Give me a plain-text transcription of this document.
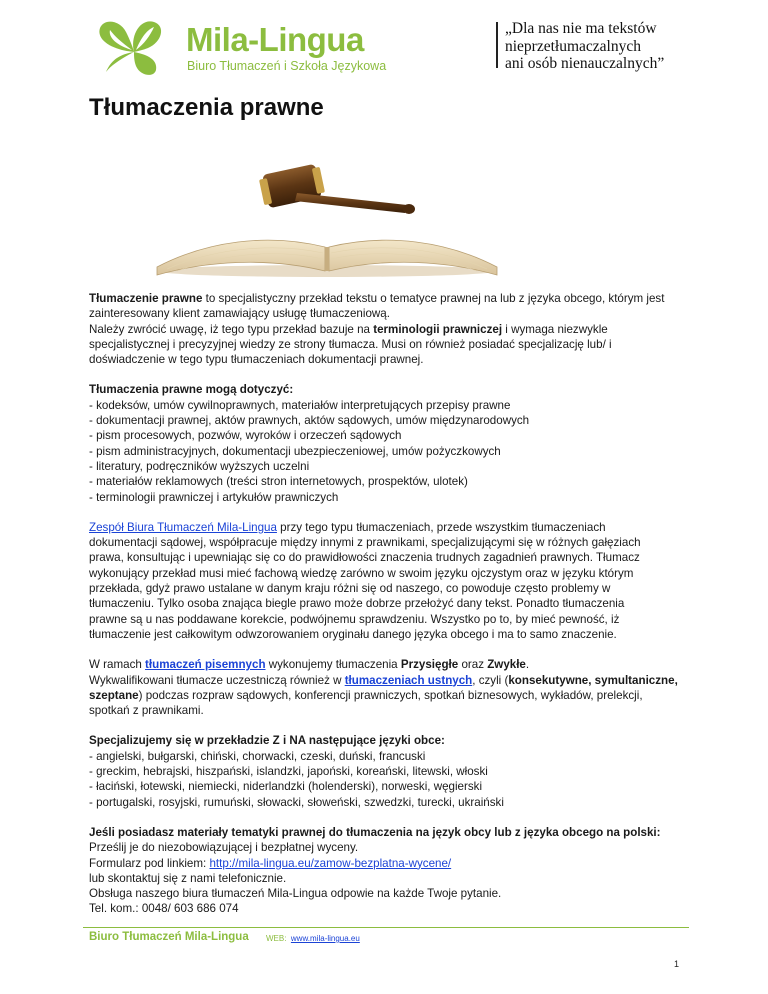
Mila-Lingua
Biuro Tłumaczeń i Szkoła Językowa
„Dla nas nie ma tekstów
nieprzetłumaczalnych
ani osób nienauczalnych”
Tłumaczenia prawne

Tłumaczenie prawne to specjalistyczny przekład tekstu o tematyce prawnej na lub z języka obcego, którym jest
zainteresowany klient zamawiający usługę tłumaczeniową.
Należy zwrócić uwagę, iż tego typu przekład bazuje na terminologii prawniczej i wymaga niezwykle
specjalistycznej i precyzyjnej wiedzy ze strony tłumacza. Musi on również posiadać specjalizację lub/ i
doświadczenie w tego typu tłumaczeniach dokumentacji prawnej.

Tłumaczenia prawne mogą dotyczyć:
- kodeksów, umów cywilnoprawnych, materiałów interpretujących przepisy prawne
- dokumentacji prawnej, aktów prawnych, aktów sądowych, umów międzynarodowych
- pism procesowych, pozwów, wyroków i orzeczeń sądowych
- pism administracyjnych, dokumentacji ubezpieczeniowej, umów pożyczkowych
- literatury, podręczników wyższych uczelni
- materiałów reklamowych (treści stron internetowych, prospektów, ulotek)
- terminologii prawniczej i artykułów prawniczych

Zespół Biura Tłumaczeń Mila-Lingua przy tego typu tłumaczeniach, przede wszystkim tłumaczeniach
dokumentacji sądowej, współpracuje między innymi z prawnikami, specjalizującymi się w różnych gałęziach
prawa, konsultując i upewniając się co do prawidłowości znaczenia trudnych zagadnień prawnych. Tłumacz
wykonujący przekład musi mieć fachową wiedzę zarówno w swoim języku ojczystym oraz w języku którym
przekłada, gdyż prawo ustalane w danym kraju różni się od naszego, co powoduje często problemy w
tłumaczeniu. Tylko osoba znająca biegle prawo może dobrze przełożyć dany tekst. Ponadto tłumaczenia
prawne są u nas poddawane korekcie, podwójnemu sprawdzeniu. Wszystko po to, by mieć pewność, iż
tłumaczenie jest całkowitym odwzorowaniem oryginału danego języka obcego i ma to samo znaczenie.

W ramach tłumaczeń pisemnych wykonujemy tłumaczenia Przysięgłe oraz Zwykłe.
Wykwalifikowani tłumacze uczestniczą również w tłumaczeniach ustnych, czyli (konsekutywne, symultaniczne,
szeptane) podczas rozpraw sądowych, konferencji prawniczych, spotkań biznesowych, wykładów, prelekcji,
spotkań z prawnikami.

Specjalizujemy się w przekładzie Z i NA następujące języki obce:
- angielski, bułgarski, chiński, chorwacki, czeski, duński, francuski
- greckim, hebrajski, hiszpański, islandzki, japoński, koreański, litewski, włoski
- łaciński, łotewski, niemiecki, niderlandzki (holenderski), norweski, węgierski
- portugalski, rosyjski, rumuński, słowacki, słoweński, szwedzki, turecki, ukraiński

Jeśli posiadasz materiały tematyki prawnej do tłumaczenia na język obcy lub z języka obcego na polski:
Prześlij je do niezobowiązującej i bezpłatnej wyceny.
Formularz pod linkiem: http://mila-lingua.eu/zamow-bezplatna-wycene/
lub skontaktuj się z nami telefonicznie.
Obsługa naszego biura tłumaczeń Mila-Lingua odpowie na każde Twoje pytanie.
Tel. kom.: 0048/ 603 686 074

Biuro Tłumaczeń Mila-Lingua WEB: www.mila-lingua.eu
1
